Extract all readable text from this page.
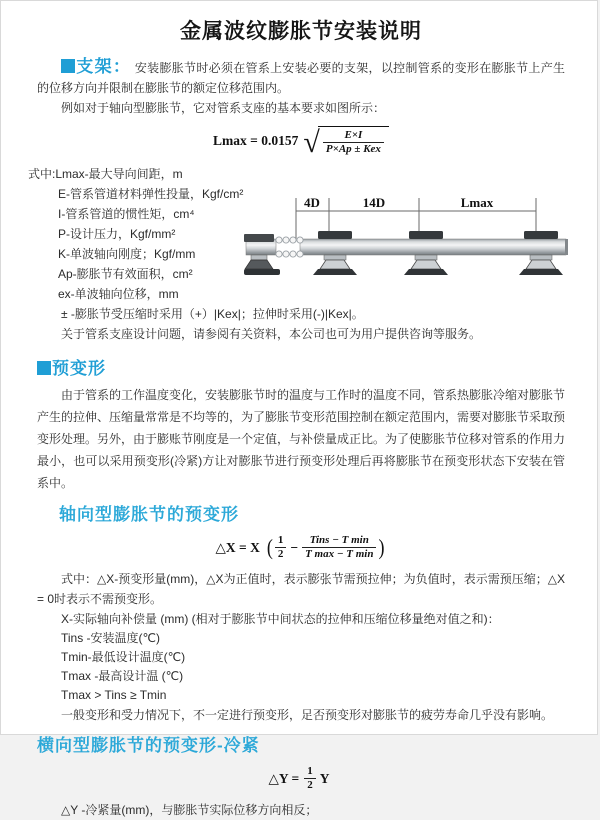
金属波纹膨胀节安装说明

支架： 安装膨胀节时必须在管系上安装必要的支架，以控制管系的变形在膨胀节上产生的位移方向并限制在膨胀节的额定位移范围内。

例如对于轴向型膨胀节，它对管系支座的基本要求如图所示：

Lmax = 0.0157 √ $\frac{E\times I}{\text{P×Ap ± Kex}}$

式中:Lmax-最大导向间距，m

E-管系管道材料弹性投量，Kgf/cm²
I-管系管道的惯性矩，cm⁴
P-设计压力，Kgf/mm²
K-单波轴向刚度；Kgf/mm
Ap-膨胀节有效面积，cm²
ex-单波轴向位移，mm

± -膨胀节受压缩时采用（+）|Kex|；拉伸时采用(-)|Kex|。

关于管系支座设计问题，请参阅有关资料，本公司也可为用户提供咨询等服务。

预变形

由于管系的工作温度变化，安装膨胀节时的温度与工作时的温度不同，管系热膨胀冷缩对膨胀节产生的拉伸、压缩量常常是不均等的，为了膨胀节变形范围控制在额定范围内，需要对膨胀节采取预变形处理。另外，由于膨账节刚度是一个定值，与补偿量成正比。为了使膨胀节位移对管系的作用力最小，也可以采用预变形(冷紧)方让对膨胀节进行预变形处理后再将膨胀节在预变形状态下安装在管系中。

轴向型膨胀节的预变形
△X = X ( $\frac{1}{2} - \frac{\text{Tins − T min}}{\text{T max − T min}}$ )

式中：△X-预变形量(mm)，△X为正值时，表示膨张节需预拉伸；为负值时，表示需预压缩；△X = 0时表示不需预变形。

X-实际轴向补偿量 (mm) (相对于膨胀节中间状态的拉伸和压缩位移量绝对值之和)：

Tins -安装温度(℃)
Tmin-最低设计温度(℃)
Tmax -最高设计温 (℃)
Tmax > Tins ≥ Tmin

一般变形和受力情况下，不一定进行预变形，足否预变形对膨胀节的疲劳寿命几乎没有影响。

横向型膨胀节的预变形-冷紧
△Y = $\frac{1}{2}$ Y

△Y -冷紧量(mm)，与膨胀节实际位移方向相反；

4D	14D	Lmax
